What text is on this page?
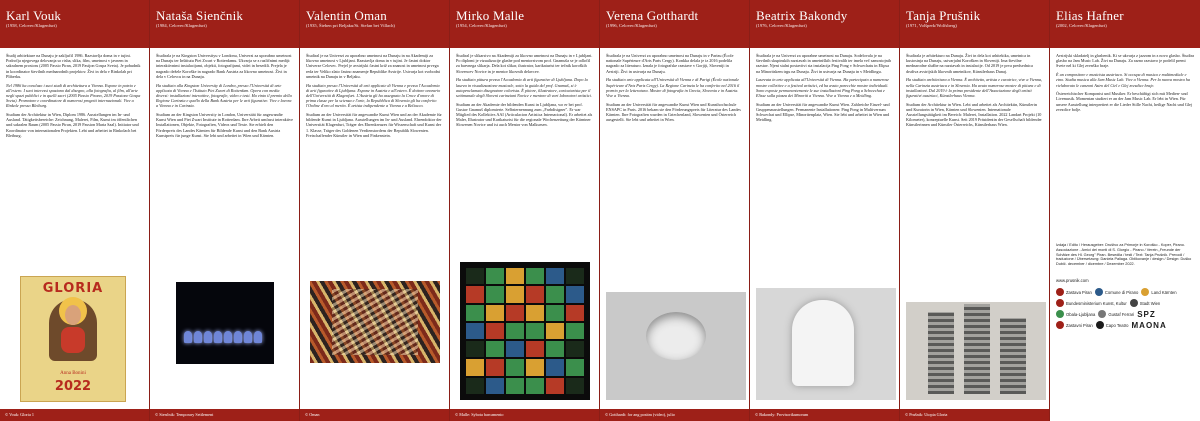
Karl Vouk
(1958, Celovec/Klagenfurt)

Študij arhitekture na Dunaju je zaključil 1986. Razstavlja doma in v tujini. Področja njegovega delovanja so risba, slika, film, umetnost v javnem in sakralnem prostoru (2005 Passio Piran, 2019 Pasijon Gospa Sveta). Je pobudnik in koordinator številnih mednarodnih projektov. Živi in dela v Rinkolah pri Pliberku.

Nel 1986 ha concluso i suoi studi di architettura a Vienna. Espone in patria e all'estero. I suoi interessi spaziano dal disegno, alla fotografia, al film, all'arte negli spazi pubblici e in quelli sacri (2005 Passio Pirano, 2019 Passione Gospa Sveta). Promotore e coordinatore di numerosi progetti internazionali. Vive a Rinkole presso Bleiburg.

Studium der Architektur in Wien, Diplom 1986. Ausstellungen im In- und Ausland. Tätigkeitsbereiche: Zeichnung, Malerei, Film, Kunst im öffentlichen und sakralen Raum (2005 Passio Piran, 2019 Passion Maria Saal). Initiator und Koordinator von internationalen Projekten. Lebt und arbeitet in Rinkolach bei Bleiburg.

GLORIA
Anna Bonini
2022
© Vouk: Gloria 1
Nataša Sienčnik
(1984, Celovec/Klagenfurt)

Študirala je na Kingston Universityu v Londonu, Univerzi za uporabno umetnost na Dunaju ter Inštitutu Piet Zwart v Rotterdamu. Ukvarja se z različnimi mediji: interaktivnimi instalacijami, objekti, fotografijami, videi in besedili. Prejela je nagrado dežele Koroške in nagrado Bank Austria za likovno umetnost. Živi in dela v Celovcu in na Dunaju.

Ha studiato alla Kingston University di Londra, presso l'Università di arte applicata di Vienna e l'Istituto Piet Zwart di Rotterdam. Opera con media diversi: installazioni interattive, fotografie, video e testi. Ha vinto il premio della Regione Carinzia e quello della Bank Austria per le arti figurative. Vive e lavora a Vienna e in Carinzia.

Studium an der Kingston University in London, Universität für angewandte Kunst Wien und Piet Zwart Institute in Rotterdam. Ihre Arbeit umfasst interaktive Installationen, Objekte, Fotografien, Videos und Texte. Sie erhielt den Förderpreis des Landes Kärnten für Bildende Kunst und den Bank Austria Kunstpreis für junge Kunst. Sie lebt und arbeitet in Wien und Kärnten.

© Sienčnik: Temporary Settlement
Valentin Oman
(1935, Šteben pri Beljaku/St. Stefan bei Villach)

Študiral je na Univerzi za uporabno umetnost na Dunaju in na Akademiji za likovno umetnost v Ljubljani. Razstavlja doma in v tujini. Je častni doktor Univerze Celovec. Prejel je avstrijski častni križ za znanost in umetnost prvega reda ter Veliko zlato častno znamenje Republike Avstrije. Ustvarja kot svobodni umetnik na Dunaju in v Beljaku.

Ha studiato presso l'Università di arti applicate di Vienna e presso l'Accademia di arti figurative di Ljubljana. Espone in Austria e all'estero. È dottore onorario dell'Università di Klagenfurt. L'Austria gli ha assegnato la Croce d'onore di prima classe per la scienza e l'arte, la Repubblica di Slovenia gli ha conferito l'Ordine d'oro al merito. È artista indipendente a Vienna e a Beliacco.

Studium an der Universität für angewandte Kunst Wien und an der Akademie für bildende Kunst in Ljubljana. Ausstellungen im In- und Ausland. Ehrendoktor der Universität Klagenfurt, Träger des Ehrenkreuzes für Wissenschaft und Kunst der 1. Klasse, Träger des Goldenen Verdienstordens der Republik Slowenien. Freischaffender Künstler in Wien und Finkenstein.

© Oman
Mirko Malle
(1954, Celovec/Klagenfurt)

Študiral je slikarstvo na Akademiji za likovno umetnost na Dunaju in v Ljubljani. Po diplomi je vizualizacije glasbe pod mentorstvom prof. Gnamuša se je odločil za barvnega slikarja. Dela kot slikar, ilustrator, karikaturist ter tečnik koroških Slovencev Novice in je mentor likovnih delavcev.

Ha studiato pittura presso l'Accademia di arti figurative di Ljubljana. Dopo la laurea in visualizzazione musicale, sotto la guida del prof. Gnamuš, si è autoproclamato disegnatore colorista. È pittore, illustratore, caricaturista per il settimanale degli Sloveni carinziani Novice e mentore di vari laboratori artistici.

Studium an der Akademie der bildenden Kunst in Ljubljana, wo er bei prof. Gustav Gnamuš diplomierte. Selbsternennung zum „Farbdisigner". Er war Mitglied des Kollektivs AAI (Articulacion Artistica Internacional). Er arbeitet als Maler, Illustrator und Karikaturist für die regionale Wochenzeitung der Kärntner Slowenen Novice und ist auch Mentor von Malkursen.

© Malle: Sybota barcamento
Verena Gotthardt
(1996, Celovec/Klagenfurt)

Študirala je na Univerzi za uporabno umetnost na Dunaju in v Parizu (École nationale Supérieure d'Arts Paris Cergy). Konkka delala je iz 2016 podelila nagrado za literaturo. Iznala je fotografske razstave v Gorjiji, Sloveniji in Avstriji. Živi in ustvarja na Dunaju.

Ha studiato arte applicata all'Università di Vienna e di Parigi (École nationale Supérieure d'Arts Paris Cergy). La Regione Carinzia le ha conferito nel 2016 il premio per la letteratura. Mostre di fotografia in Grecia, Slovenia e in Austria. Vive a Vienna.

Studium an der Universität für angewandte Kunst Wien und Kunsthochschule ENSAPC in Paris. 2016 bekam sie den Förderungspreis für Literatur des Landes Kärnten. Ihre Fotografien wurden in Griechenland, Slowenien und Österreich ausgestellt. Sie lebt und arbeitet in Wien.

© Gotthardt: for ang positm (video), julio
Beatrix Bakondy
(1976, Celovec/Klagenfurt)

Študirala je na Univerzi za uporabne umetnost na Dunaju. Sodelovala je na številnih skupinskih razstavah in umetniških festivalih ter imela več samostojnih razstav. Njeni stalni postavitvi sta instalacija Ping Pong v Schwechatu in Elipsa na Minoritskem trgu na Dunaju. Živi in ustvarja na Dunaju in v Meidlingu.

Laureata in arte applicata all'Università di Vienna. Ha partecipato a numerose mostre collettive e a festival artistici, ed ha avuto parecchie mostre individuali. Sono esposte permanentemente le sue installazioni Ping Pong a Schwechat e Elisse sulla piazza dei Minoriti a Vienna. Vive a Vienna e a Meidling.

Studium an der Universität für angewandte Kunst Wien. Zahlreiche Einzel- und Gruppenausstellungen. Permanente Installationen: Ping Pong in Multiversum Schwechat und Ellipse, Minoritenplatz, Wien. Sie lebt und arbeitet in Wien und Meidling.

© Bakondy: Provisorikumorum
Tanja Prušnik
(1971, Volšperk/Wolfsberg)

Študirala je arhitekturo na Dunaju. Živi in dela kot arhitektka, umetnica in kustosinja na Dunaju, ustvarjalni Korošken in Sloveniji. Ima številne mednarodne službe na razstavah in instalacije. Od 2019 je prva predsednica društva avstrijskih likovnih umetnikov, Künstlerhaus Dunaj.

Ha studiato architettura a Vienna. È architetto, artista e curatrice, vive a Vienna, nella Carinzia austriaca e in Slovenia. Ha avuto numerose mostre di pittura e di installazioni. Dal 2019 è la prima presidente dell'Associazione degli artisti figurativi austriaci, Künstlerhaus Vienna.

Studium der Architektur in Wien. Lebt und arbeitet als Architektin, Künstlerin und Kuratorin in Wien, Kärnten und Slowenien. Internationale Ausstellungstätigkeit im Bereich: Malerei, Installation. 2022 Landart Projekt (10 Kilometer), konzeptuelle Kunst. Seit 2019 Präsidentin der Gesellschaft bildender Künstlerinnen und Künstler Österreichs, Künstlerhaus Wien.

© Prušnik: Utopia Gloria
Elias Hafner
(2002, Celovec/Klagenfurt)

Avstrijski skladatelj in glasbenik. Ki se ukvarja z jazzom in z novo glasbo. Študira glasbo na Jam Music Lab. Živi na Dunaju. Za razno razstavo je podelil premi Svete nel ki Glej zvenško braje.

È un compositore e musicista austriaco. Si occupa di musica e multimediale e etno. Studia musica alla Jam Music Lab. Vive a Vienna. Per la nuova mostra ha rielaborato le canzoni Astro del Ciel e Glej zvezdice braje.

Österreichischer Komponist und Musiker. Er beschäftigt sich mit Medien- und Livemusik. Momentan studiert er an der Jam Music Lab. Er lebt in Wien. Für unsere Ausstellung interpretiert er die Lieder Stille Nacht, heilige Nacht und Glej zvezdice bolje.

Izdaja / Edito / Herausgeber: Društvo za Primorje in Koroško - Koper, Pirano. Associazione - Amici dei monti di S. Giorgio - Pirano / Verein „Freunde der Schätze des Hl. Georg" Piran. Besedila / testi / Text: Tanja Prušnik. Prevodi / traduzione / Übersetzung: Daniela Paliaga. Oblikovanje / design / Design: Duško Dubič. december / dicembre / Dezember 2022.
www.prusnik.com
Zastava Piran	Comune di Pirano	Land Kärnten
Bundesministerium Kunst, Kultur	Stadt Wien
Obala-Ljubljana	Gustaf Ferrari SPZ
Zastavni Piran	Capo Teatro MAONA
